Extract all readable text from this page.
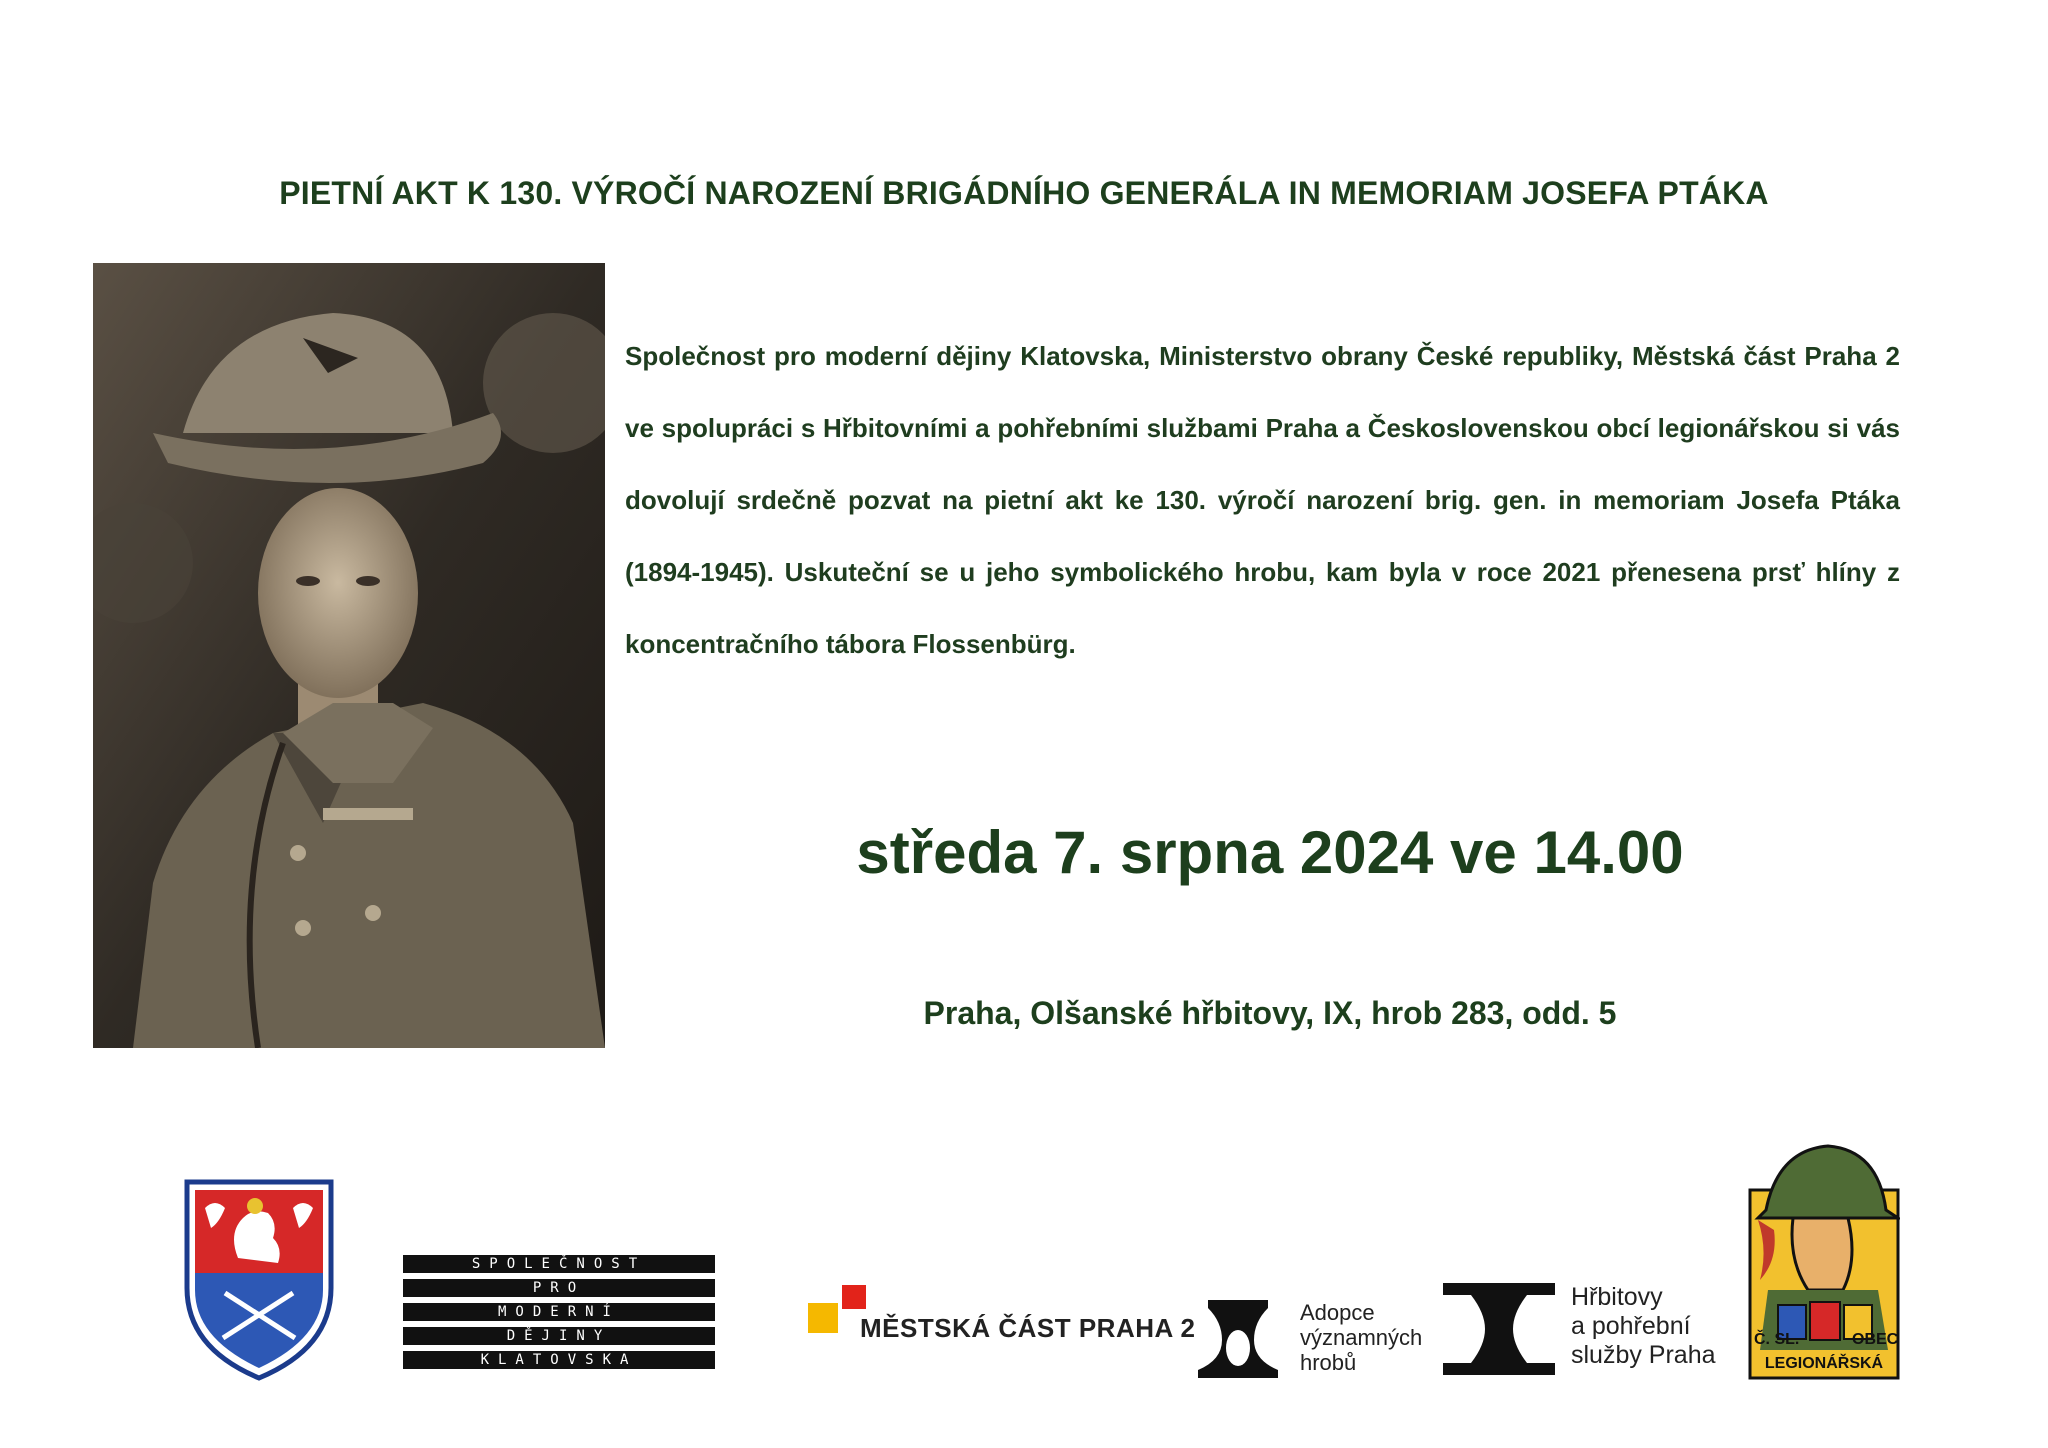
PIETNÍ AKT K 130. VÝROČÍ NAROZENÍ BRIGÁDNÍHO GENERÁLA IN MEMORIAM JOSEFA PTÁKA
Společnost pro moderní dějiny Klatovska, Ministerstvo obrany České republiky, Městská část Praha 2 ve spolupráci s Hřbitovními a pohřebními službami Praha a Československou obcí legionářskou si vás dovolují srdečně pozvat na pietní akt ke 130. výročí narození brig. gen. in memoriam Josefa Ptáka (1894-1945). Uskuteční se u jeho symbolického hrobu, kam byla v roce 2021 přenesena prsť hlíny z koncentračního tábora Flossenbürg.
středa 7. srpna 2024 ve 14.00
Praha, Olšanské hřbitovy, IX, hrob 283, odd. 5
SPOLEČNOST
PRO
MODERNÍ
DĚJINY
KLATOVSKA
MĚSTSKÁ ČÁST PRAHA 2
Adopce
významných
hrobů
Hřbitovy
a pohřební
služby Praha
Č. SL.	OBEC
LEGIONÁŘSKÁ
